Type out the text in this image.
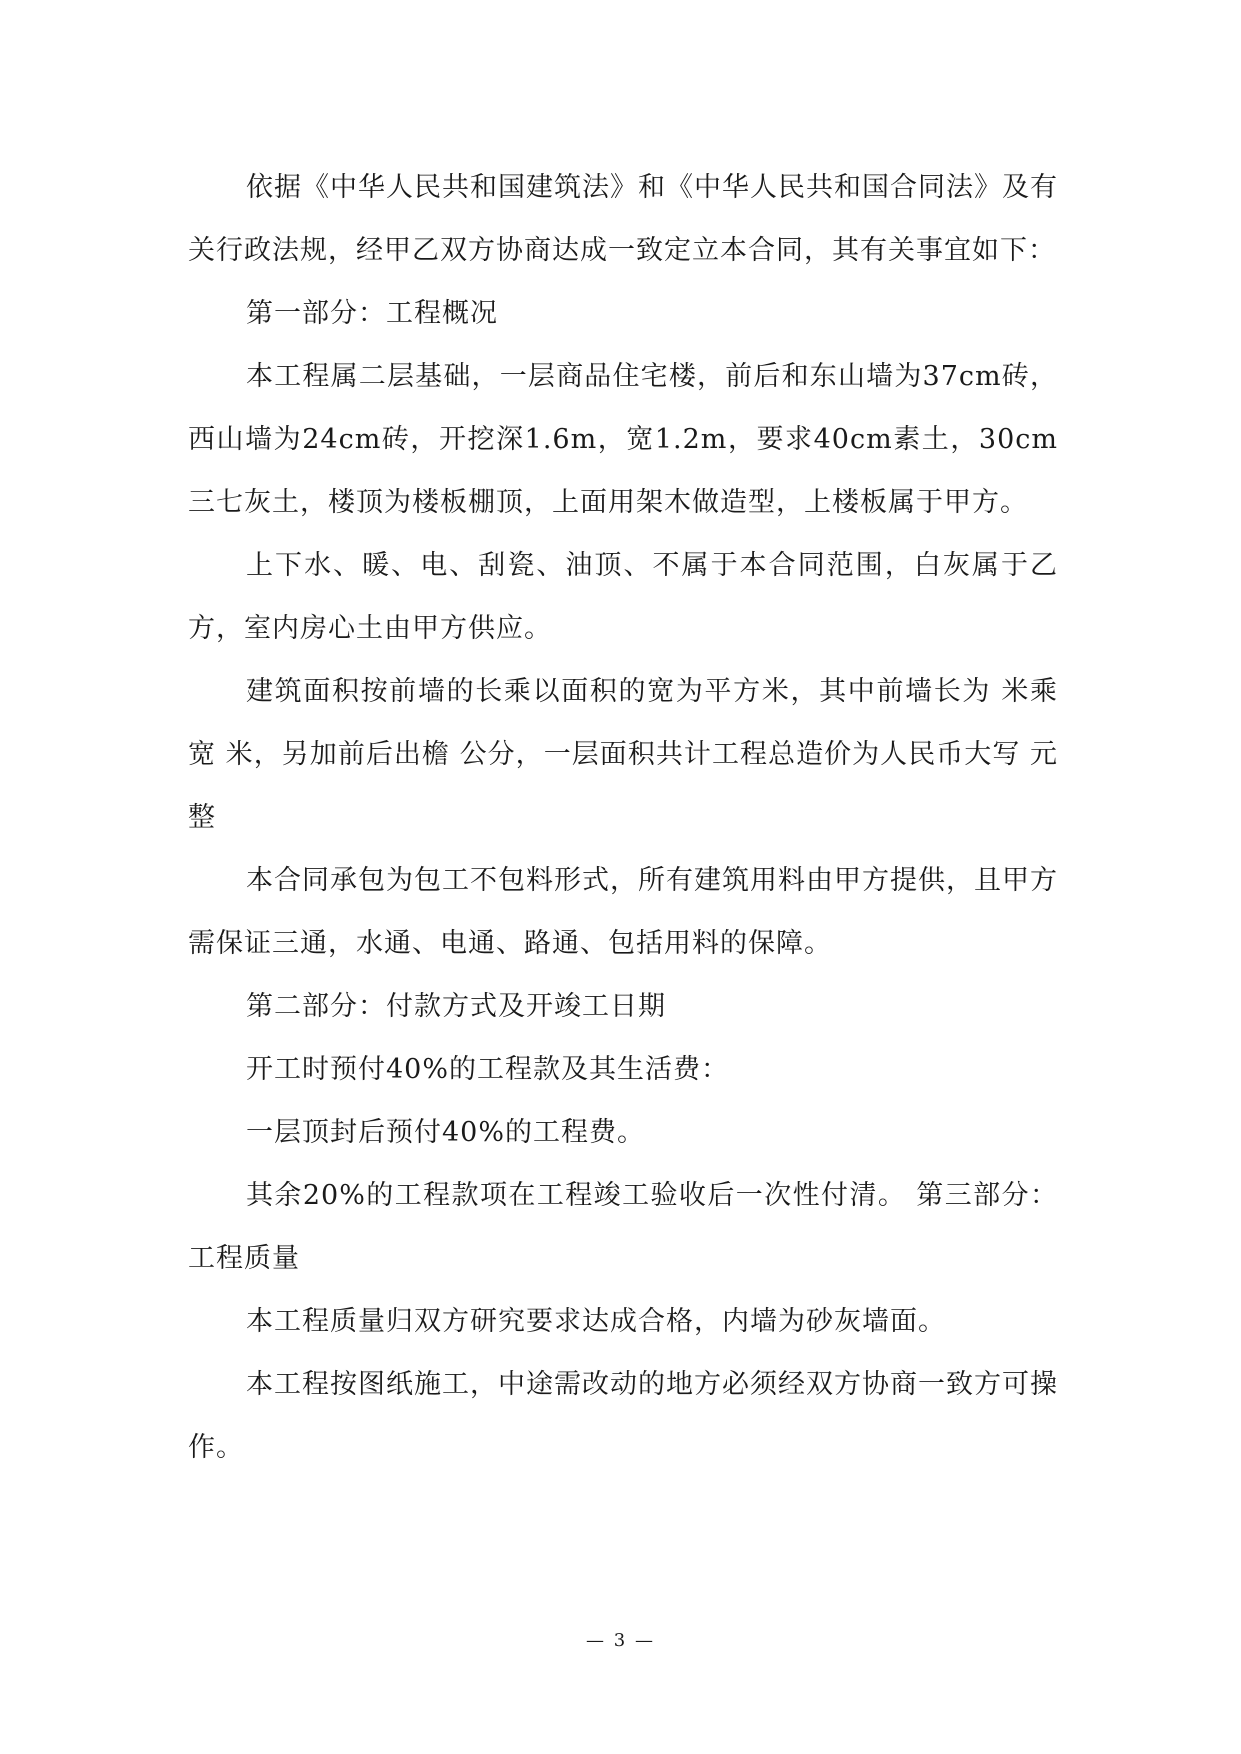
依据《中华人民共和国建筑法》和《中华人民共和国合同法》及有关行政法规，经甲乙双方协商达成一致定立本合同，其有关事宜如下：

第一部分：工程概况

本工程属二层基础，一层商品住宅楼，前后和东山墙为37cm砖，西山墙为24cm砖，开挖深1.6m，宽1.2m，要求40cm素土，30cm三七灰土，楼顶为楼板棚顶，上面用架木做造型，上楼板属于甲方。

上下水、暖、电、刮瓷、油顶、不属于本合同范围，白灰属于乙方，室内房心土由甲方供应。

建筑面积按前墙的长乘以面积的宽为平方米，其中前墙长为 米乘宽 米，另加前后出檐 公分，一层面积共计工程总造价为人民币大写 元整

本合同承包为包工不包料形式，所有建筑用料由甲方提供，且甲方需保证三通，水通、电通、路通、包括用料的保障。

第二部分：付款方式及开竣工日期

开工时预付40%的工程款及其生活费：

一层顶封后预付40%的工程费。

其余20%的工程款项在工程竣工验收后一次性付清。 第三部分：工程质量

本工程质量归双方研究要求达成合格，内墙为砂灰墙面。

本工程按图纸施工，中途需改动的地方必须经双方协商一致方可操作。

— 3 —
